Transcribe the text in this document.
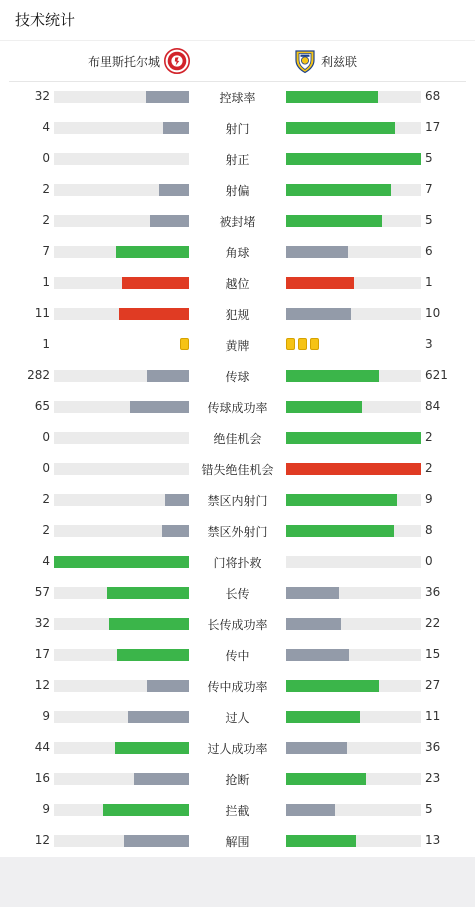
技术统计
布里斯托尔城	利兹联
32	控球率	68
4	射门	17
0	射正	5
2	射偏	7
2	被封堵	5
7	角球	6
1	越位	1
11	犯规	10
1	黄牌	3
282	传球	621
65	传球成功率	84
0	绝佳机会	2
0	错失绝佳机会	2
2	禁区内射门	9
2	禁区外射门	8
4	门将扑救	0
57	长传	36
32	长传成功率	22
17	传中	15
12	传中成功率	27
9	过人	11
44	过人成功率	36
16	抢断	23
9	拦截	5
12	解围	13
